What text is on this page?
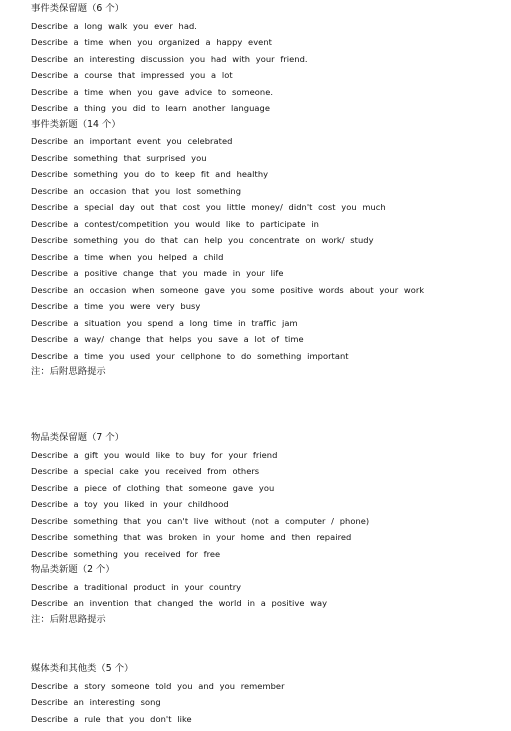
事件类保留题（6 个）
Describe a long walk you ever had.
Describe a time when you organized a happy event
Describe an interesting discussion you had with your friend.
Describe a course that impressed you a lot
Describe a time when you gave advice to someone.
Describe a thing you did to learn another language
事件类新题（14 个）
Describe an important event you celebrated
Describe something that surprised you
Describe something you do to keep fit and healthy
Describe an occasion that you lost something
Describe a special day out that cost you little money/ didn't cost you much
Describe a contest/competition you would like to participate in
Describe something you do that can help you concentrate on work/ study
Describe a time when you helped a child
Describe a positive change that you made in your life
Describe an occasion when someone gave you some positive words about your work
Describe a time you were very busy
Describe a situation you spend a long time in traffic jam
Describe a way/ change that helps you save a lot of time
Describe a time you used your cellphone to do something important
注：后附思路提示
物品类保留题（7 个）
Describe a gift you would like to buy for your friend
Describe a special cake you received from others
Describe a piece of clothing that someone gave you
Describe a toy you liked in your childhood
Describe something that you can't live without (not a computer / phone)
Describe something that was broken in your home and then repaired
Describe something you received for free
物品类新题（2 个）
Describe a traditional product in your country
Describe an invention that changed the world in a positive way
注：后附思路提示
媒体类和其他类（5 个）
Describe a story someone told you and you remember
Describe an interesting song
Describe a rule that you don't like
